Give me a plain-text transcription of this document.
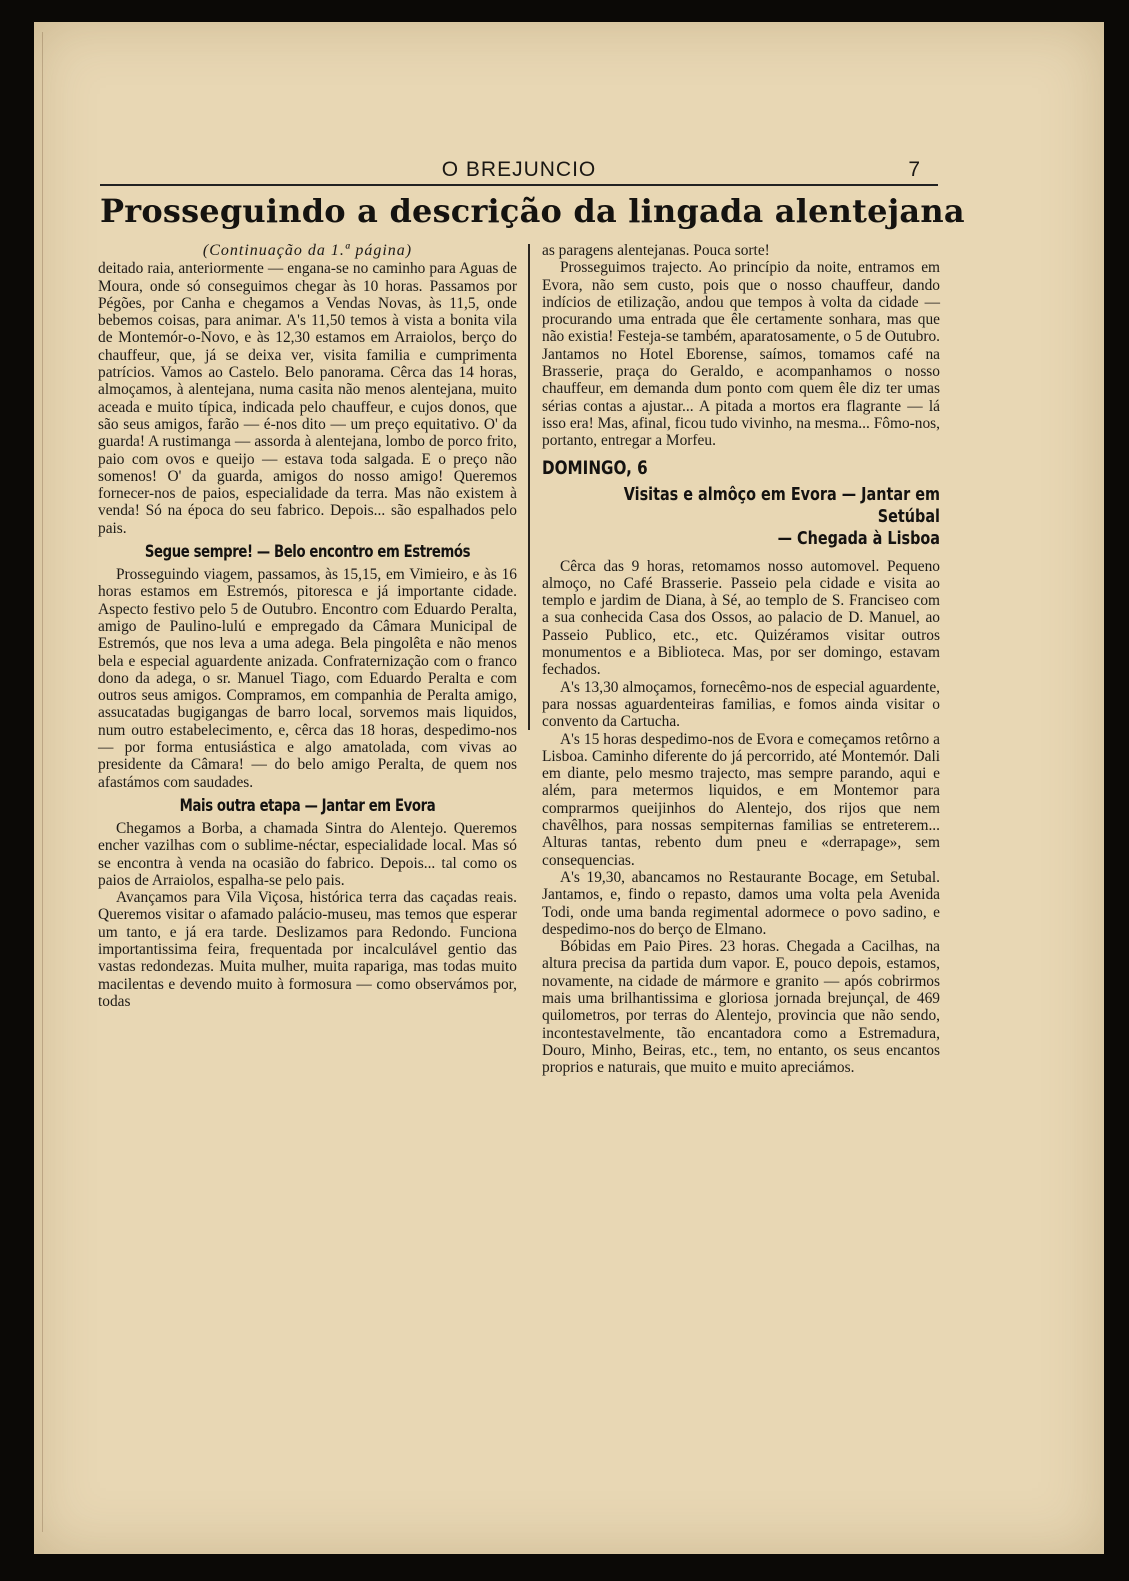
O BREJUNCIO	7
Prosseguindo a descrição da lingada alentejana

(Continuação da 1.ª página)

deitado raia, anteriormente — engana-se no caminho para Aguas de Moura, onde só conseguimos chegar às 10 horas. Passamos por Pégões, por Canha e chegamos a Vendas Novas, às 11,5, onde bebemos coisas, para animar. A's 11,50 temos à vista a bonita vila de Montemór-o-Novo, e às 12,30 estamos em Arraiolos, berço do chauffeur, que, já se deixa ver, visita familia e cumprimenta patrícios. Vamos ao Castelo. Belo panorama. Cêrca das 14 horas, almoçamos, à alentejana, numa casita não menos alentejana, muito aceada e muito típica, indicada pelo chauffeur, e cujos donos, que são seus amigos, farão — é-nos dito — um preço equitativo. O' da guarda! A rustimanga — assorda à alentejana, lombo de porco frito, paio com ovos e queijo — estava toda salgada. E o preço não somenos! O' da guarda, amigos do nosso amigo! Queremos fornecer-nos de paios, especialidade da terra. Mas não existem à venda! Só na época do seu fabrico. Depois... são espalhados pelo pais.

Segue sempre! — Belo encontro em Estremós

Prosseguindo viagem, passamos, às 15,15, em Vimieiro, e às 16 horas estamos em Estremós, pitoresca e já importante cidade. Aspecto festivo pelo 5 de Outubro. Encontro com Eduardo Peralta, amigo de Paulino-lulú e empregado da Câmara Municipal de Estremós, que nos leva a uma adega. Bela pingolêta e não menos bela e especial aguardente anizada. Confraternização com o franco dono da adega, o sr. Manuel Tiago, com Eduardo Peralta e com outros seus amigos. Compramos, em companhia de Peralta amigo, assucatadas bugigangas de barro local, sorvemos mais liquidos, num outro estabelecimento, e, cêrca das 18 horas, despedimo-nos — por forma entusiástica e algo amatolada, com vivas ao presidente da Câmara! — do belo amigo Peralta, de quem nos afastámos com saudades.

Mais outra etapa — Jantar em Evora

Chegamos a Borba, a chamada Sintra do Alentejo. Queremos encher vazilhas com o sublime-néctar, especialidade local. Mas só se encontra à venda na ocasião do fabrico. Depois... tal como os paios de Arraiolos, espalha-se pelo pais.

Avançamos para Vila Viçosa, histórica terra das caçadas reais. Queremos visitar o afamado palácio-museu, mas temos que esperar um tanto, e já era tarde. Deslizamos para Redondo. Funciona importantissima feira, frequentada por incalculável gentio das vastas redondezas. Muita mulher, muita rapariga, mas todas muito macilentas e devendo muito à formosura — como observámos por, todas

as paragens alentejanas. Pouca sorte!

Prosseguimos trajecto. Ao princípio da noite, entramos em Evora, não sem custo, pois que o nosso chauffeur, dando indícios de etilização, andou que tempos à volta da cidade — procurando uma entrada que êle certamente sonhara, mas que não existia! Festeja-se também, aparatosamente, o 5 de Outubro. Jantamos no Hotel Eborense, saímos, tomamos café na Brasserie, praça do Geraldo, e acompanhamos o nosso chauffeur, em demanda dum ponto com quem êle diz ter umas sérias contas a ajustar... A pitada a mortos era flagrante — lá isso era! Mas, afinal, ficou tudo vivinho, na mesma... Fômo-nos, portanto, entregar a Morfeu.

DOMINGO, 6
Visitas e almôço em Evora — Jantar em Setúbal
— Chegada à Lisboa

Cêrca das 9 horas, retomamos nosso automovel. Pequeno almoço, no Café Brasserie. Passeio pela cidade e visita ao templo e jardim de Diana, à Sé, ao templo de S. Franciseo com a sua conhecida Casa dos Ossos, ao palacio de D. Manuel, ao Passeio Publico, etc., etc. Quizéramos visitar outros monumentos e a Biblioteca. Mas, por ser domingo, estavam fechados.

A's 13,30 almoçamos, fornecêmo-nos de especial aguardente, para nossas aguardenteiras familias, e fomos ainda visitar o convento da Cartucha.

A's 15 horas despedimo-nos de Evora e começamos retôrno a Lisboa. Caminho diferente do já percorrido, até Montemór. Dali em diante, pelo mesmo trajecto, mas sempre parando, aqui e além, para metermos liquidos, e em Montemor para comprarmos queijinhos do Alentejo, dos rijos que nem chavêlhos, para nossas sempiternas familias se entreterem... Alturas tantas, rebento dum pneu e «derrapage», sem consequencias.

A's 19,30, abancamos no Restaurante Bocage, em Setubal. Jantamos, e, findo o repasto, damos uma volta pela Avenida Todi, onde uma banda regimental adormece o povo sadino, e despedimo-nos do berço de Elmano.

Bóbidas em Paio Pires. 23 horas. Chegada a Cacilhas, na altura precisa da partida dum vapor. E, pouco depois, estamos, novamente, na cidade de mármore e granito — após cobrirmos mais uma brilhantissima e gloriosa jornada brejunçal, de 469 quilometros, por terras do Alentejo, provincia que não sendo, incontestavelmente, tão encantadora como a Estremadura, Douro, Minho, Beiras, etc., tem, no entanto, os seus encantos proprios e naturais, que muito e muito apreciámos.
